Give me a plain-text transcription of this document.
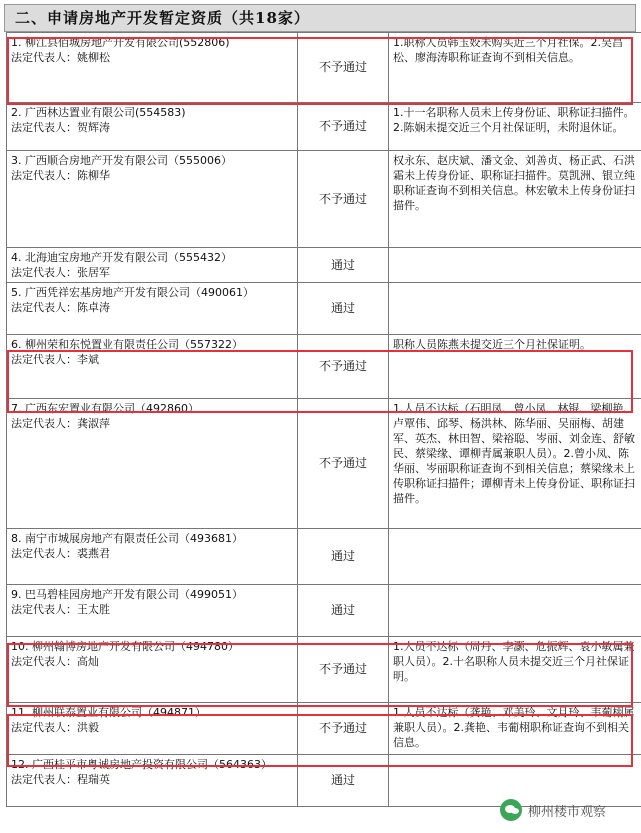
二、申请房地产开发暂定资质（共18家）
1. 柳江县佰城房地产开发有限公司(552806)
法定代表人：姚柳松	不予通过	1.职称人员韩玉姣未购买近三个月社保。2.吴昌松、廖海涛职称证查询不到相关信息。

2. 广西林达置业有限公司(554583)
法定代表人：贺辉涛	不予通过	1.十一名职称人员未上传身份证、职称证扫描件。2.陈娴未提交近三个月社保证明，未附退休证。

3. 广西顺合房地产开发有限公司（555006）
法定代表人：陈柳华	不予通过	权永东、赵庆斌、潘文金、刘善贞、杨正武、石洪霜未上传身份证、职称证扫描件。莫凯洲、银立纯职称证查询不到相关信息。林宏敏未上传身份证扫描件。

4. 北海迪宝房地产开发有限公司（555432）
法定代表人：张居军	通过	

5. 广西凭祥宏基房地产开发有限公司（490061）
法定代表人：陈卓涛	通过	

6. 柳州荣和东悦置业有限责任公司（557322）
法定代表人：李斌	不予通过	职称人员陈燕未提交近三个月社保证明。

7. 广西东宏置业有限公司（492860）
法定代表人：龚淑萍	不予通过	1.人员不达标（石明凤、曾小凤、林锟、梁柳艳、卢覃伟、邱琴、杨洪林、陈华丽、吴丽梅、胡建军、英杰、林田智、梁裕聪、岑丽、刘金连、舒敏民、蔡梁缘、谭柳青属兼职人员）。2.曾小凤、陈华丽、岑丽职称证查询不到相关信息；蔡梁缘未上传职称证扫描件；谭柳青未上传身份证、职称证扫描件。

8. 南宁市城展房地产有限责任公司（493681）
法定代表人：裘燕君	通过	

9. 巴马碧桂园房地产开发有限公司（499051）
法定代表人：王太胜	通过	

10. 柳州翰博房地产开发有限公司（494780）
法定代表人：高灿	不予通过	1.人员不达标（周丹、李灏、危振辉、袁小敏属兼职人员）。2.十名职称人员未提交近三个月社保证明。

11. 柳州联泰置业有限公司（494871）
法定代表人：洪毅	不予通过	1.人员不达标（龚艳、邓美玲、文月玲、韦葡栩属兼职人员）。2.龚艳、韦葡栩职称证查询不到相关信息。

12. 广西桂平市粤诚房地产投资有限公司（564363）
法定代表人：程瑞英	通过	
柳州楼市观察
